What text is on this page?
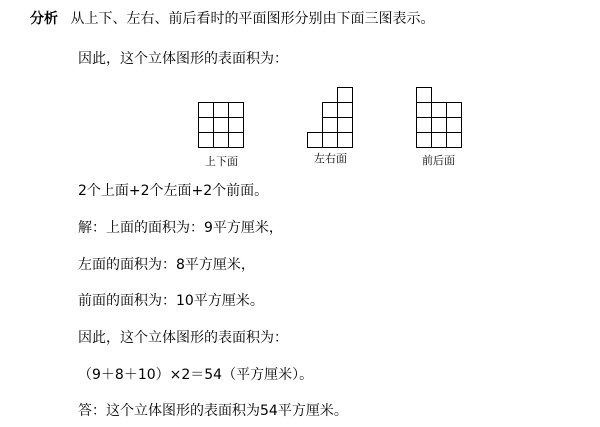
分析 从上下、左右、前后看时的平面图形分别由下面三图表示。
因此，这个立体图形的表面积为：
上下面	左右面	前后面
2个上面+2个左面+2个前面。
解：上面的面积为：9平方厘米，
左面的面积为：8平方厘米，
前面的面积为：10平方厘米。
因此，这个立体图形的表面积为：
（9＋8＋10）×2＝54（平方厘米）。
答：这个立体图形的表面积为54平方厘米。
